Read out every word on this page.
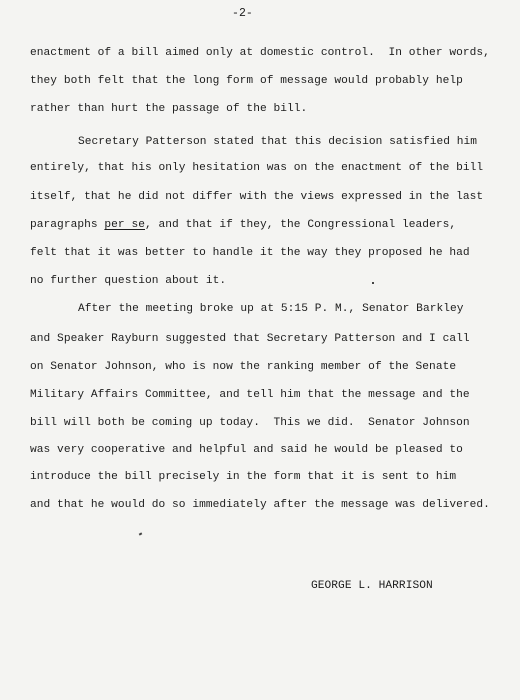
-2-
enactment of a bill aimed only at domestic control.  In other words,
they both felt that the long form of message would probably help
rather than hurt the passage of the bill.
Secretary Patterson stated that this decision satisfied him
entirely, that his only hesitation was on the enactment of the bill
itself, that he did not differ with the views expressed in the last
paragraphs per se, and that if they, the Congressional leaders,
felt that it was better to handle it the way they proposed he had
no further question about it.
After the meeting broke up at 5:15 P. M., Senator Barkley
and Speaker Rayburn suggested that Secretary Patterson and I call
on Senator Johnson, who is now the ranking member of the Senate
Military Affairs Committee, and tell him that the message and the
bill will both be coming up today.  This we did.  Senator Johnson
was very cooperative and helpful and said he would be pleased to
introduce the bill precisely in the form that it is sent to him
and that he would do so immediately after the message was delivered.
GEORGE L. HARRISON
